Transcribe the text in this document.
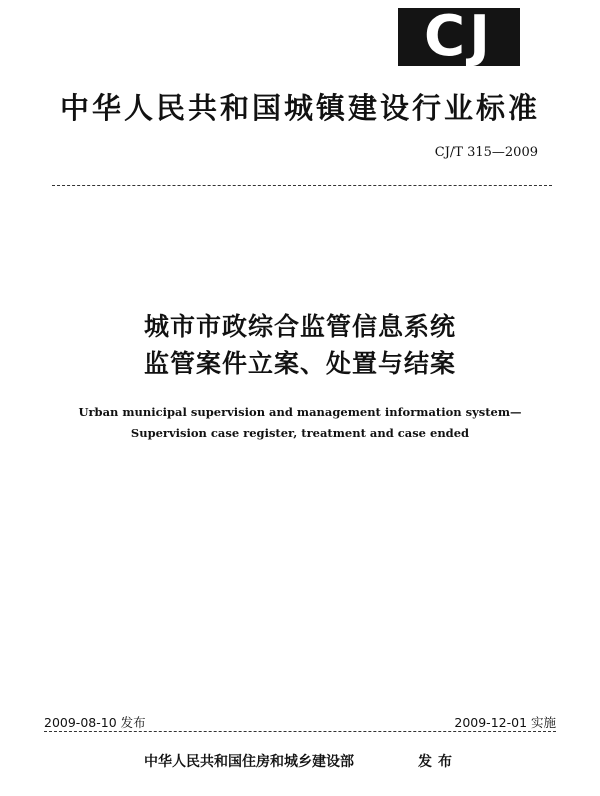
CJ
中华人民共和国城镇建设行业标准
CJ/T 315—2009
城市市政综合监管信息系统
监管案件立案、处置与结案
Urban municipal supervision and management information system—
Supervision case register, treatment and case ended
2009-08-10 发布	2009-12-01 实施
中华人民共和国住房和城乡建设部	发布
